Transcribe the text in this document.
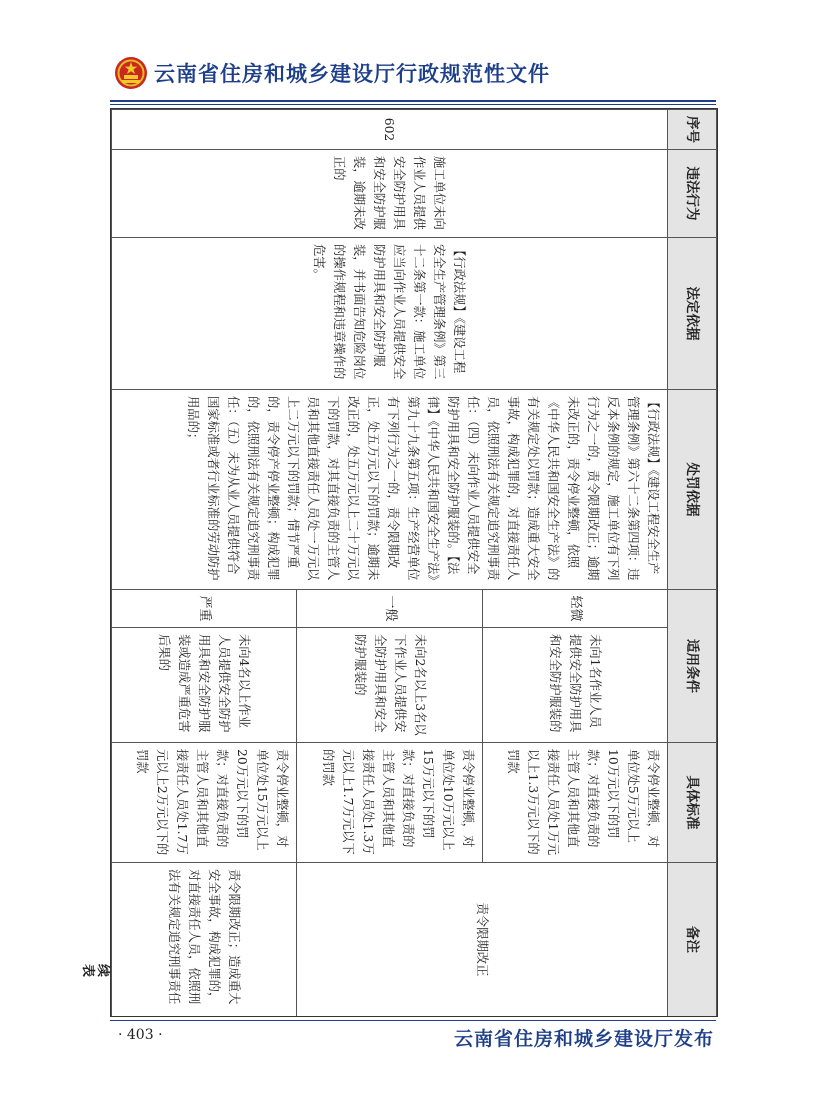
云南省住房和城乡建设厅行政规范性文件
序号	违法行为	法定依据	处罚依据	适用条件		具体标准	备注
602	施工单位未向作业人员提供安全防护用具和安全防护服装，逾期未改正的	【行政法规】《建设工程安全生产管理条例》第三十二条第一款：施工单位应当向作业人员提供安全防护用具和安全防护服装，并书面告知危险岗位的操作规程和违章操作的危害。	【行政法规】《建设工程安全生产管理条例》第六十二条第四项：违反本条例的规定，施工单位有下列行为之一的，责令限期改正；逾期未改正的，责令停业整顿，依照《中华人民共和国安全生产法》的有关规定处以罚款；造成重大安全事故，构成犯罪的，对直接责任人员，依照刑法有关规定追究刑事责任：（四）未向作业人员提供安全防护用具和安全防护服装的。【法律】《中华人民共和国安全生产法》第九十九条第五项：生产经营单位有下列行为之一的，责令限期改正，处五万元以下的罚款；逾期未改正的，处五万元以上二十万元以下的罚款，对其直接负责的主管人员和其他直接责任人员处一万元以上二万元以下的罚款；情节严重的，责令停产停业整顿；构成犯罪的，依照刑法有关规定追究刑事责任：（五）未为从业人员提供符合国家标准或者行业标准的劳动防护用品的；	轻微	未向1名作业人员提供安全防护用具和安全防护服装的	责令停业整顿，对单位处5万元以上10万元以下的罚款；对直接负责的主管人员和其他直接责任人员处1万元以上1.3万元以下的罚款	责令限期改正
				一般	未向2名以上3名以下作业人员提供安全防护用具和安全防护服装的	责令停业整顿，对单位处10万元以上15万元以下的罚款；对直接负责的主管人员和其他直接责任人员处1.3万元以上1.7万元以下的罚款	
				严重	未向4名以上作业人员提供安全防护用具和安全防护服装或造成严重危害后果的	责令停业整顿，对单位处15万元以上20万元以下的罚款；对直接负责的主管人员和其他直接责任人员处1.7万元以上2万元以下的罚款	责令限期改正；造成重大安全事故，构成犯罪的，对直接责任人员，依照刑法有关规定追究刑事责任
续表
· 403 ·	云南省住房和城乡建设厅发布
